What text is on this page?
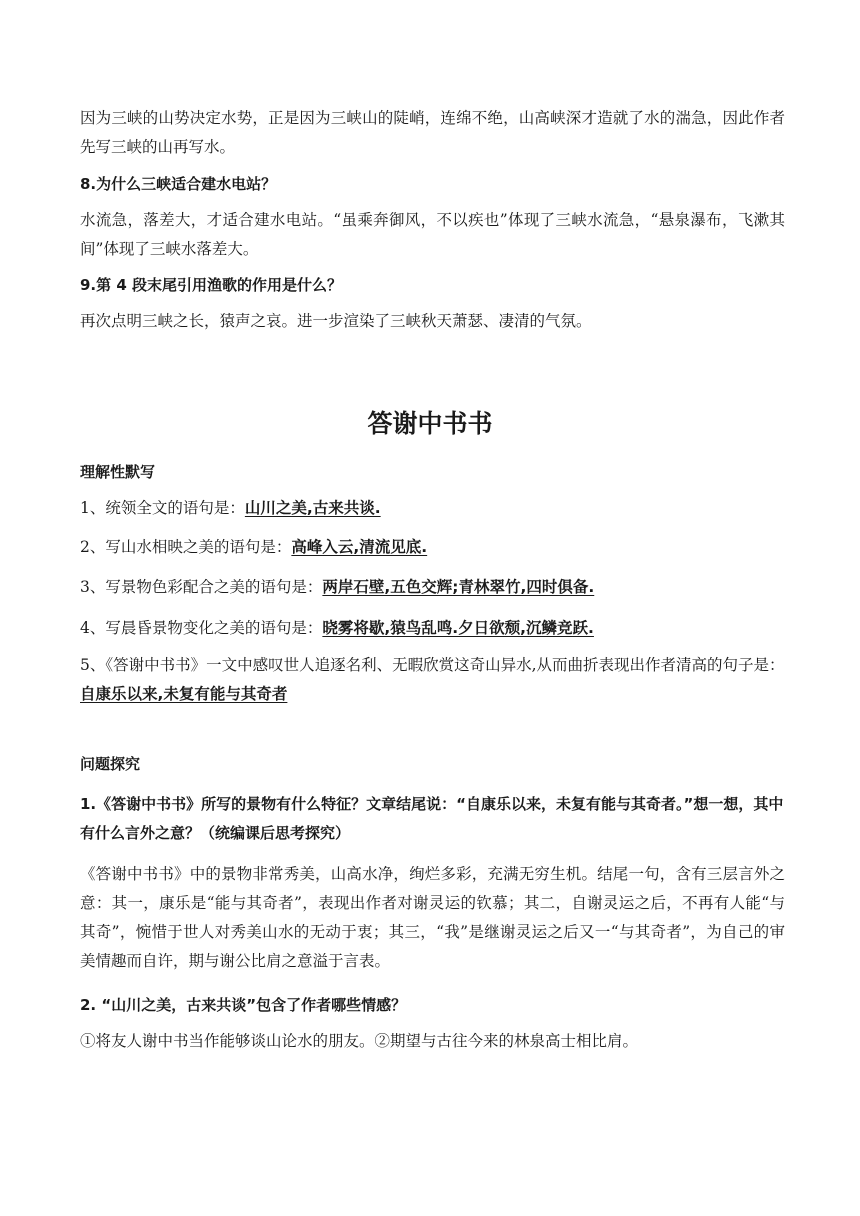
因为三峡的山势决定水势，正是因为三峡山的陡峭，连绵不绝，山高峡深才造就了水的湍急，因此作者先写三峡的山再写水。

8.为什么三峡适合建水电站？

水流急，落差大，才适合建水电站。“虽乘奔御风，不以疾也”体现了三峡水流急，“悬泉瀑布，飞漱其间”体现了三峡水落差大。

9.第 4 段末尾引用渔歌的作用是什么？

再次点明三峡之长，猿声之哀。进一步渲染了三峡秋天萧瑟、凄清的气氛。

答谢中书书

理解性默写

1、统领全文的语句是：山川之美,古来共谈.

2、写山水相映之美的语句是：高峰入云,清流见底.

3、写景物色彩配合之美的语句是：两岸石壁,五色交辉;青林翠竹,四时俱备.

4、写晨昏景物变化之美的语句是：晓雾将歇,猿鸟乱鸣.夕日欲颓,沉鳞竞跃.

5、《答谢中书书》一文中感叹世人追逐名利、无暇欣赏这奇山异水,从而曲折表现出作者清高的句子是：自康乐以来,未复有能与其奇者

问题探究

1.《答谢中书书》所写的景物有什么特征？文章结尾说：“自康乐以来，未复有能与其奇者。”想一想，其中有什么言外之意？（统编课后思考探究）

《答谢中书书》中的景物非常秀美，山高水净，绚烂多彩，充满无穷生机。结尾一句，含有三层言外之意：其一，康乐是“能与其奇者”，表现出作者对谢灵运的钦慕；其二，自谢灵运之后，不再有人能“与其奇”，惋惜于世人对秀美山水的无动于衷；其三，“我”是继谢灵运之后又一“与其奇者”，为自己的审美情趣而自许，期与谢公比肩之意溢于言表。

2. “山川之美，古来共谈”包含了作者哪些情感？

①将友人谢中书当作能够谈山论水的朋友。②期望与古往今来的林泉高士相比肩。
